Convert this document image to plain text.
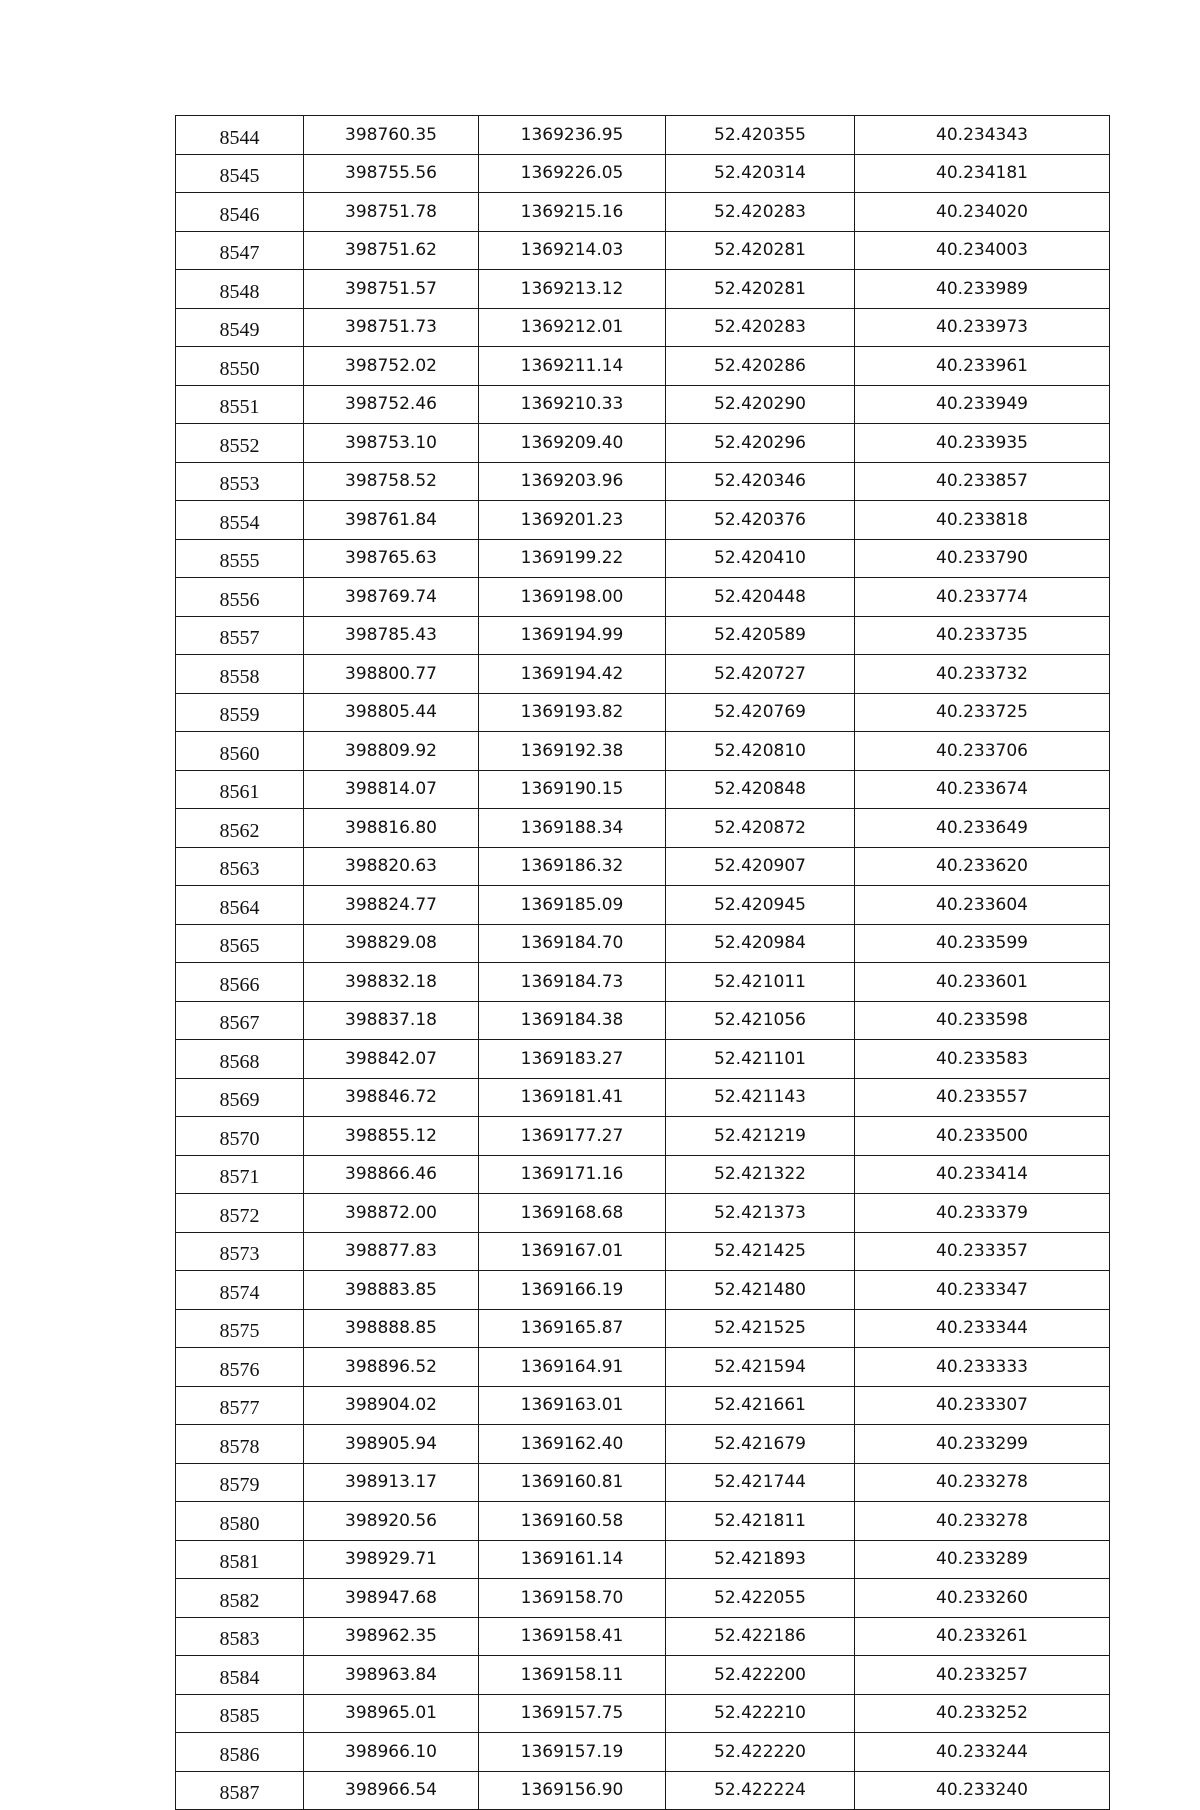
8544	398760.35	1369236.95	52.420355	40.234343
8545	398755.56	1369226.05	52.420314	40.234181
8546	398751.78	1369215.16	52.420283	40.234020
8547	398751.62	1369214.03	52.420281	40.234003
8548	398751.57	1369213.12	52.420281	40.233989
8549	398751.73	1369212.01	52.420283	40.233973
8550	398752.02	1369211.14	52.420286	40.233961
8551	398752.46	1369210.33	52.420290	40.233949
8552	398753.10	1369209.40	52.420296	40.233935
8553	398758.52	1369203.96	52.420346	40.233857
8554	398761.84	1369201.23	52.420376	40.233818
8555	398765.63	1369199.22	52.420410	40.233790
8556	398769.74	1369198.00	52.420448	40.233774
8557	398785.43	1369194.99	52.420589	40.233735
8558	398800.77	1369194.42	52.420727	40.233732
8559	398805.44	1369193.82	52.420769	40.233725
8560	398809.92	1369192.38	52.420810	40.233706
8561	398814.07	1369190.15	52.420848	40.233674
8562	398816.80	1369188.34	52.420872	40.233649
8563	398820.63	1369186.32	52.420907	40.233620
8564	398824.77	1369185.09	52.420945	40.233604
8565	398829.08	1369184.70	52.420984	40.233599
8566	398832.18	1369184.73	52.421011	40.233601
8567	398837.18	1369184.38	52.421056	40.233598
8568	398842.07	1369183.27	52.421101	40.233583
8569	398846.72	1369181.41	52.421143	40.233557
8570	398855.12	1369177.27	52.421219	40.233500
8571	398866.46	1369171.16	52.421322	40.233414
8572	398872.00	1369168.68	52.421373	40.233379
8573	398877.83	1369167.01	52.421425	40.233357
8574	398883.85	1369166.19	52.421480	40.233347
8575	398888.85	1369165.87	52.421525	40.233344
8576	398896.52	1369164.91	52.421594	40.233333
8577	398904.02	1369163.01	52.421661	40.233307
8578	398905.94	1369162.40	52.421679	40.233299
8579	398913.17	1369160.81	52.421744	40.233278
8580	398920.56	1369160.58	52.421811	40.233278
8581	398929.71	1369161.14	52.421893	40.233289
8582	398947.68	1369158.70	52.422055	40.233260
8583	398962.35	1369158.41	52.422186	40.233261
8584	398963.84	1369158.11	52.422200	40.233257
8585	398965.01	1369157.75	52.422210	40.233252
8586	398966.10	1369157.19	52.422220	40.233244
8587	398966.54	1369156.90	52.422224	40.233240
